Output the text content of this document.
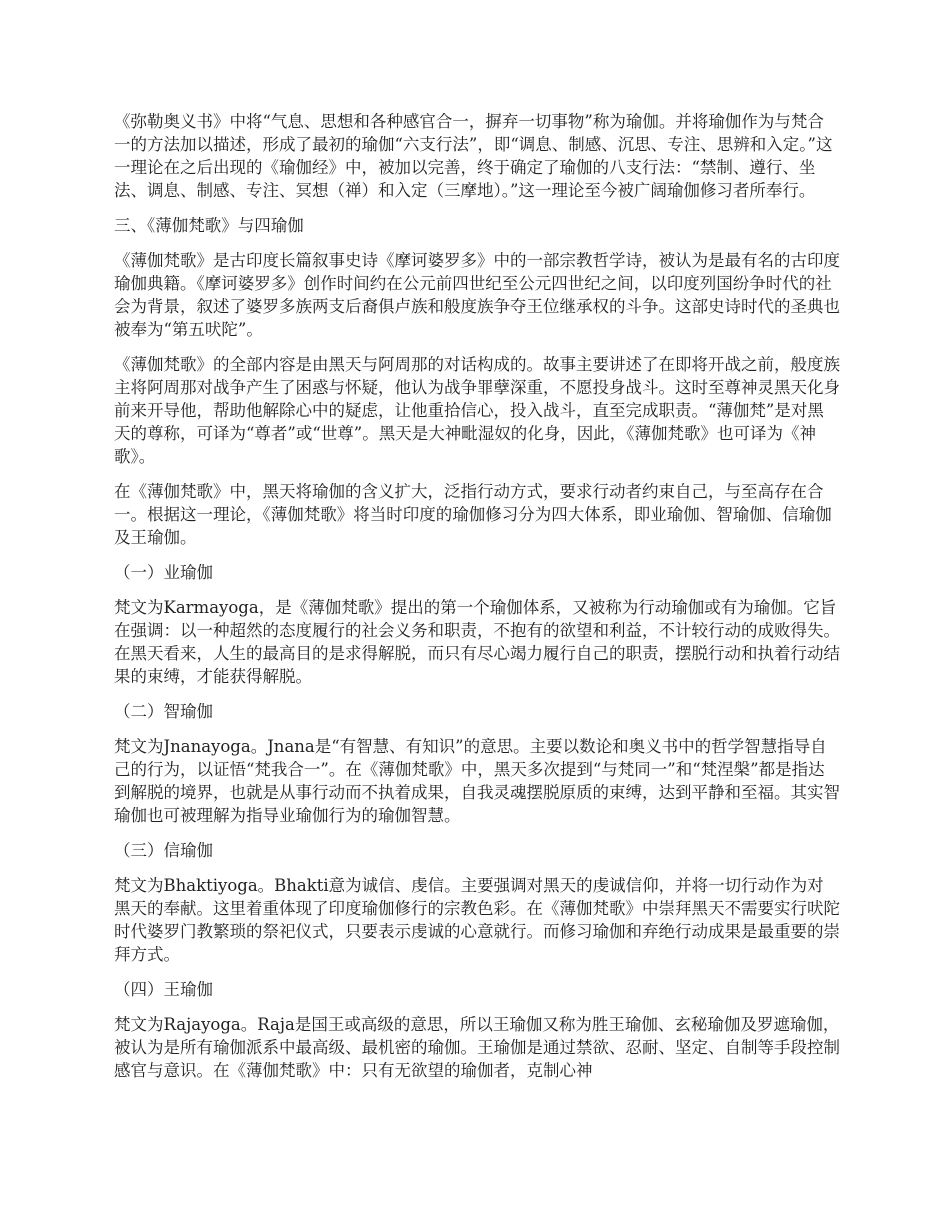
《弥勒奥义书》中将“气息、思想和各种感官合一，摒弃一切事物”称为瑜伽。并将瑜伽作为与梵合一的方法加以描述，形成了最初的瑜伽“六支行法”，即“调息、制感、沉思、专注、思辨和入定。”这一理论在之后出现的《瑜伽经》中，被加以完善，终于确定了瑜伽的八支行法：“禁制、遵行、坐法、调息、制感、专注、冥想（禅）和入定（三摩地）。”这一理论至今被广阔瑜伽修习者所奉行。

三、《薄伽梵歌》与四瑜伽

《薄伽梵歌》是古印度长篇叙事史诗《摩诃婆罗多》中的一部宗教哲学诗，被认为是最有名的古印度瑜伽典籍。《摩诃婆罗多》创作时间约在公元前四世纪至公元四世纪之间，以印度列国纷争时代的社会为背景，叙述了婆罗多族两支后裔俱卢族和般度族争夺王位继承权的斗争。这部史诗时代的圣典也被奉为“第五吠陀”。

《薄伽梵歌》的全部内容是由黑天与阿周那的对话构成的。故事主要讲述了在即将开战之前，般度族主将阿周那对战争产生了困惑与怀疑，他认为战争罪孽深重，不愿投身战斗。这时至尊神灵黑天化身前来开导他，帮助他解除心中的疑虑，让他重拾信心，投入战斗，直至完成职责。“薄伽梵”是对黑天的尊称，可译为“尊者”或“世尊”。黑天是大神毗湿奴的化身，因此，《薄伽梵歌》也可译为《神歌》。

在《薄伽梵歌》中，黑天将瑜伽的含义扩大，泛指行动方式，要求行动者约束自己，与至高存在合一。根据这一理论，《薄伽梵歌》将当时印度的瑜伽修习分为四大体系，即业瑜伽、智瑜伽、信瑜伽及王瑜伽。

（一）业瑜伽

梵文为Karmayoga，是《薄伽梵歌》提出的第一个瑜伽体系，又被称为行动瑜伽或有为瑜伽。它旨在强调：以一种超然的态度履行的社会义务和职责，不抱有的欲望和利益，不计较行动的成败得失。在黑天看来，人生的最高目的是求得解脱，而只有尽心竭力履行自己的职责，摆脱行动和执着行动结果的束缚，才能获得解脱。

（二）智瑜伽

梵文为Jnanayoga。Jnana是“有智慧、有知识”的意思。主要以数论和奥义书中的哲学智慧指导自己的行为，以证悟“梵我合一”。在《薄伽梵歌》中，黑天多次提到“与梵同一”和“梵涅槃”都是指达到解脱的境界，也就是从事行动而不执着成果，自我灵魂摆脱原质的束缚，达到平静和至福。其实智瑜伽也可被理解为指导业瑜伽行为的瑜伽智慧。

（三）信瑜伽

梵文为Bhaktiyoga。Bhakti意为诚信、虔信。主要强调对黑天的虔诚信仰，并将一切行动作为对黑天的奉献。这里着重体现了印度瑜伽修行的宗教色彩。在《薄伽梵歌》中崇拜黑天不需要实行吠陀时代婆罗门教繁琐的祭祀仪式，只要表示虔诚的心意就行。而修习瑜伽和弃绝行动成果是最重要的崇拜方式。

（四）王瑜伽

梵文为Rajayoga。Raja是国王或高级的意思，所以王瑜伽又称为胜王瑜伽、玄秘瑜伽及罗遮瑜伽，被认为是所有瑜伽派系中最高级、最机密的瑜伽。王瑜伽是通过禁欲、忍耐、坚定、自制等手段控制感官与意识。在《薄伽梵歌》中：只有无欲望的瑜伽者，克制心神
